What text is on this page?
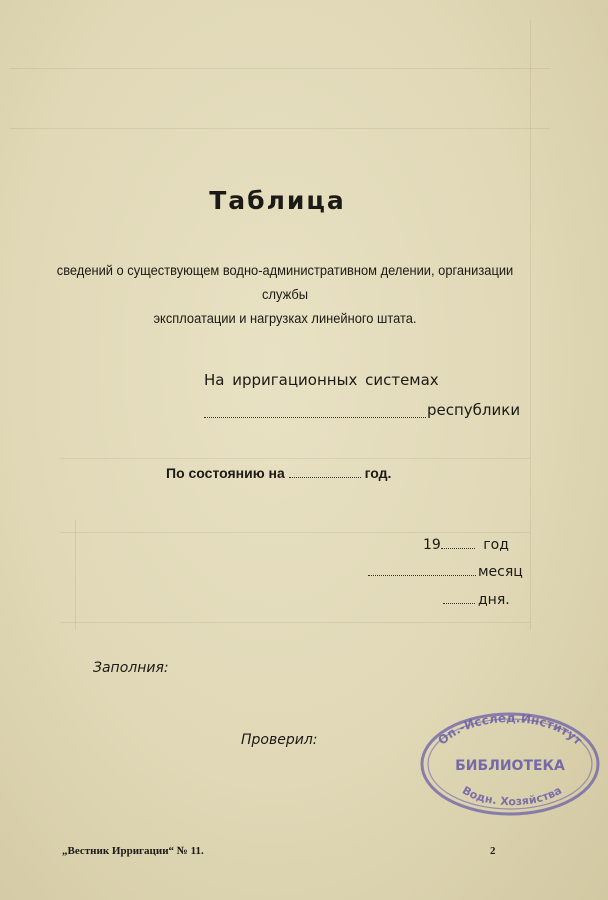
Таблица
сведений о существующем водно-административном делении, организации службы
эксплоатации и нагрузках линейного штата.
На ирригационных системах
республики
По состоянию на	год.
19	год
месяц
дня.
Заполния:
Проверил:	Оп.-Исслед.Институт
БИБЛИОТЕКА
Водн. Хозяйства
„Вестник Ирригации“ № 11.	2
